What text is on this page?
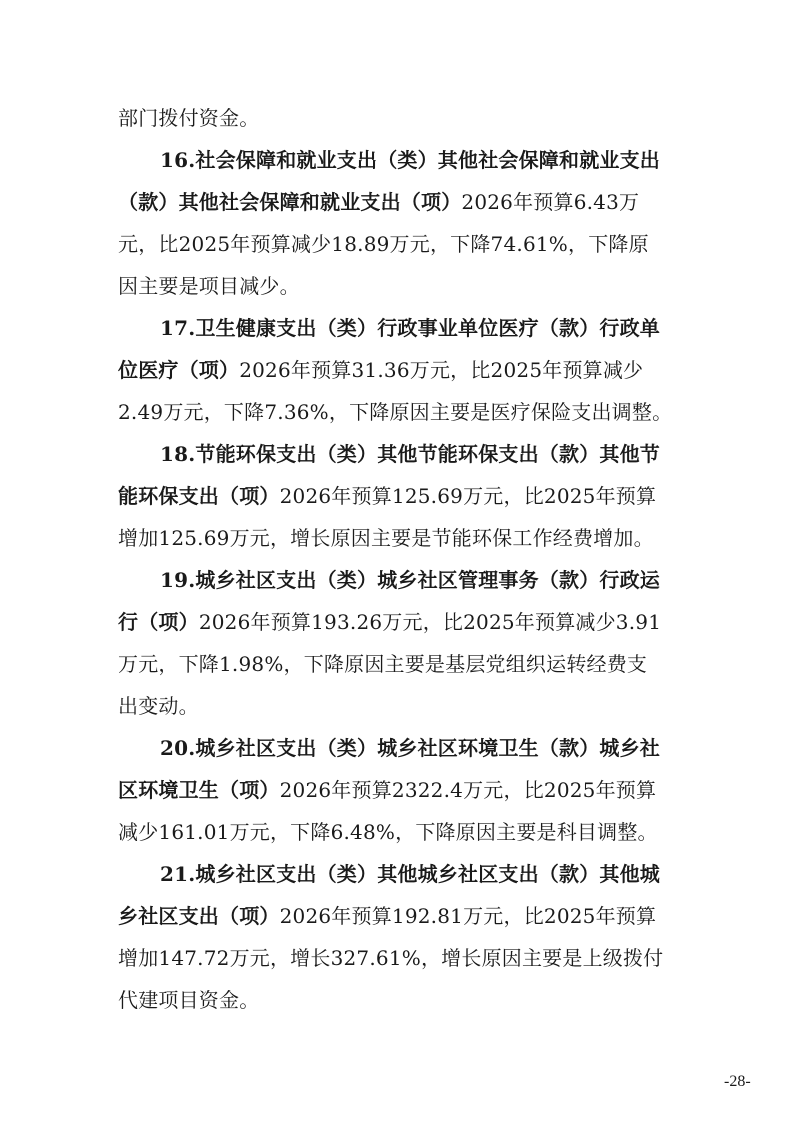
部门拨付资金。
16.社会保障和就业支出（类）其他社会保障和就业支出
（款）其他社会保障和就业支出（项）2026年预算6.43万
元，比2025年预算减少18.89万元，下降74.61%，下降原
因主要是项目减少。
17.卫生健康支出（类）行政事业单位医疗（款）行政单
位医疗（项）2026年预算31.36万元，比2025年预算减少
2.49万元，下降7.36%，下降原因主要是医疗保险支出调整。
18.节能环保支出（类）其他节能环保支出（款）其他节
能环保支出（项）2026年预算125.69万元，比2025年预算
增加125.69万元，增长原因主要是节能环保工作经费增加。
19.城乡社区支出（类）城乡社区管理事务（款）行政运
行（项）2026年预算193.26万元，比2025年预算减少3.91
万元，下降1.98%，下降原因主要是基层党组织运转经费支
出变动。
20.城乡社区支出（类）城乡社区环境卫生（款）城乡社
区环境卫生（项）2026年预算2322.4万元，比2025年预算
减少161.01万元，下降6.48%，下降原因主要是科目调整。
21.城乡社区支出（类）其他城乡社区支出（款）其他城
乡社区支出（项）2026年预算192.81万元，比2025年预算
增加147.72万元，增长327.61%，增长原因主要是上级拨付
代建项目资金。
-28-
